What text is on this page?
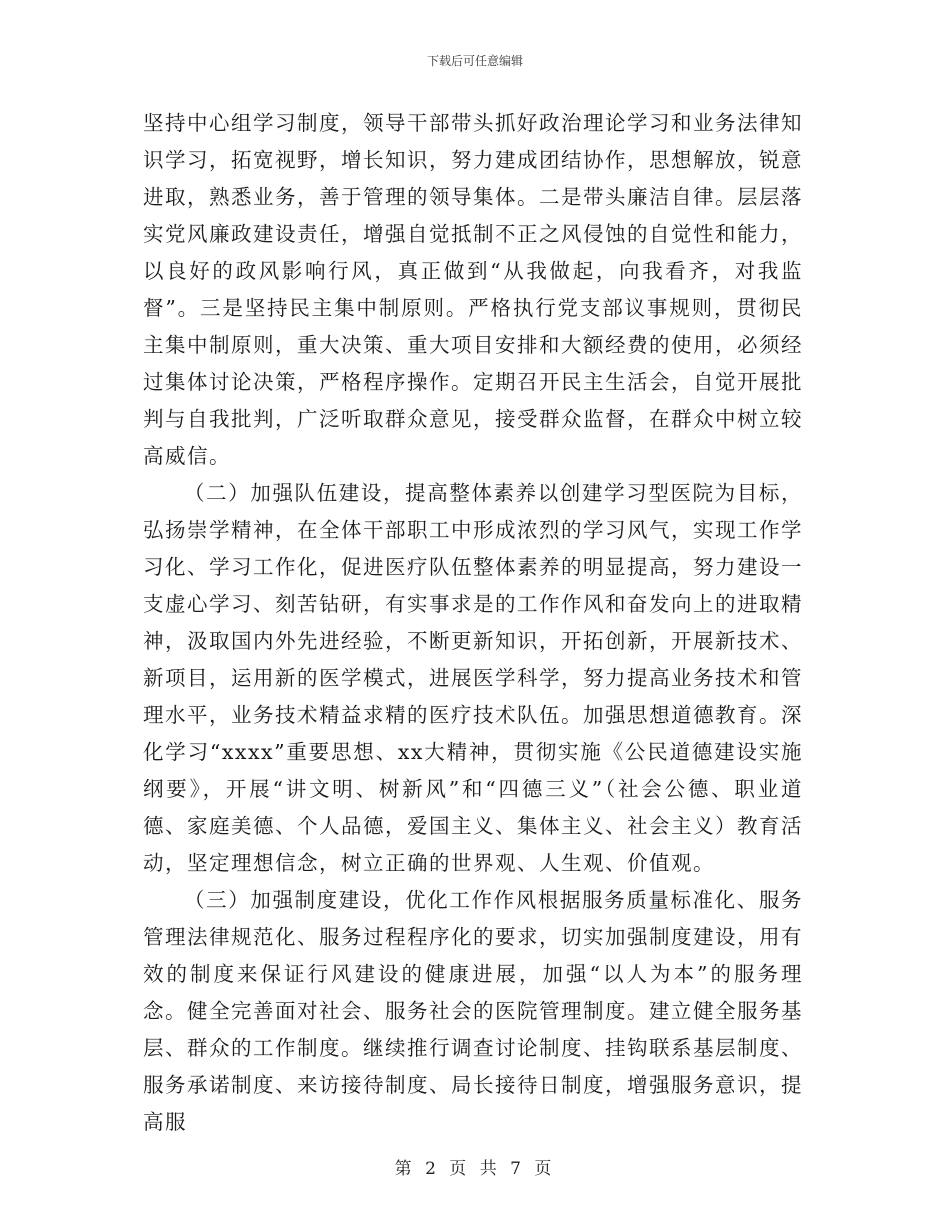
下载后可任意编辑

坚持中心组学习制度，领导干部带头抓好政治理论学习和业务法律知识学习，拓宽视野，增长知识，努力建成团结协作，思想解放，锐意进取，熟悉业务，善于管理的领导集体。二是带头廉洁自律。层层落实党风廉政建设责任，增强自觉抵制不正之风侵蚀的自觉性和能力，以良好的政风影响行风，真正做到“从我做起，向我看齐，对我监督”。三是坚持民主集中制原则。严格执行党支部议事规则，贯彻民主集中制原则，重大决策、重大项目安排和大额经费的使用，必须经过集体讨论决策，严格程序操作。定期召开民主生活会，自觉开展批判与自我批判，广泛听取群众意见，接受群众监督，在群众中树立较高威信。

（二）加强队伍建设，提高整体素养以创建学习型医院为目标，弘扬崇学精神，在全体干部职工中形成浓烈的学习风气，实现工作学习化、学习工作化，促进医疗队伍整体素养的明显提高，努力建设一支虚心学习、刻苦钻研，有实事求是的工作作风和奋发向上的进取精神，汲取国内外先进经验，不断更新知识，开拓创新，开展新技术、新项目，运用新的医学模式，进展医学科学，努力提高业务技术和管理水平，业务技术精益求精的医疗技术队伍。加强思想道德教育。深化学习“xxxx”重要思想、xx大精神，贯彻实施《公民道德建设实施纲要》，开展“讲文明、树新风”和“四德三义”（社会公德、职业道德、家庭美德、个人品德，爱国主义、集体主义、社会主义）教育活动，坚定理想信念，树立正确的世界观、人生观、价值观。

（三）加强制度建设，优化工作作风根据服务质量标准化、服务管理法律规范化、服务过程程序化的要求，切实加强制度建设，用有效的制度来保证行风建设的健康进展，加强“以人为本”的服务理念。健全完善面对社会、服务社会的医院管理制度。建立健全服务基层、群众的工作制度。继续推行调查讨论制度、挂钩联系基层制度、服务承诺制度、来访接待制度、局长接待日制度，增强服务意识，提高服

第 2 页 共 7 页
